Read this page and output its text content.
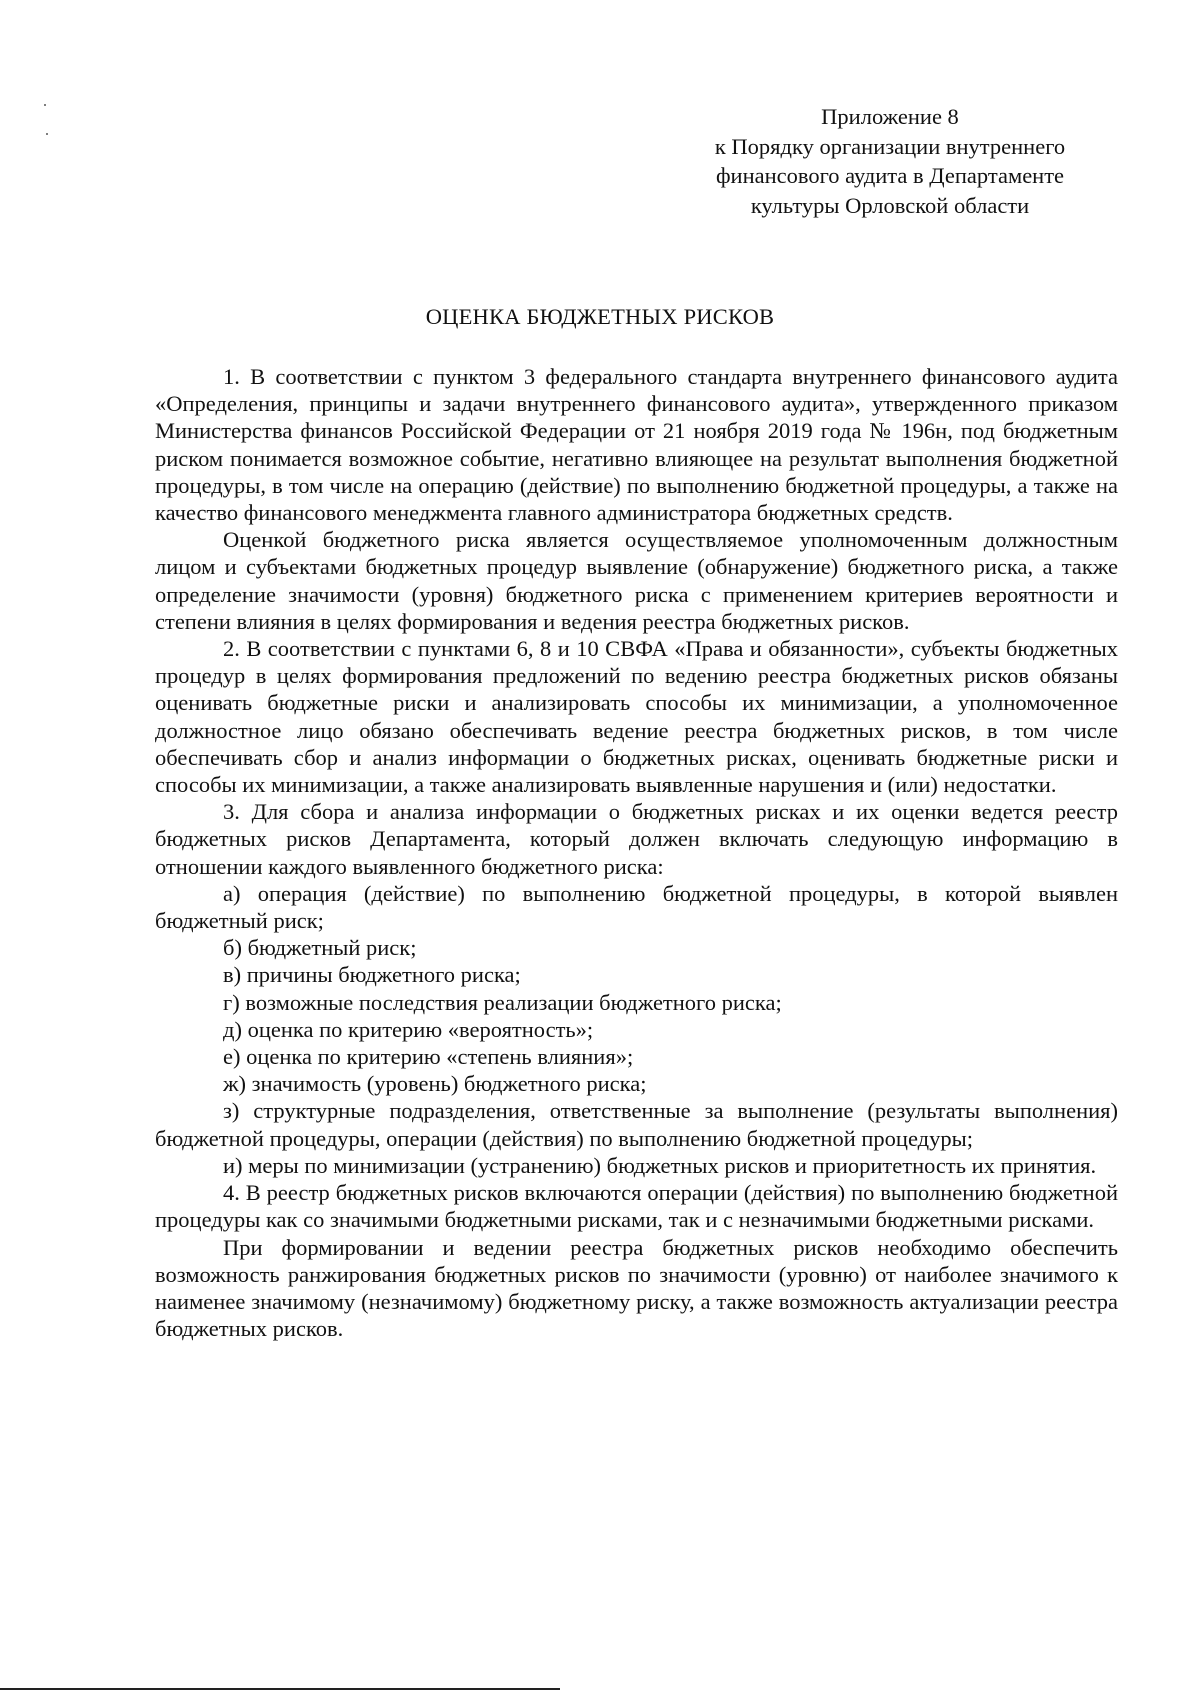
Приложение 8
к Порядку организации внутреннего
финансового аудита в Департаменте
культуры Орловской области
ОЦЕНКА БЮДЖЕТНЫХ РИСКОВ

1. В соответствии с пунктом 3 федерального стандарта внутреннего финансового аудита «Определения, принципы и задачи внутреннего финансового аудита», утвержденного приказом Министерства финансов Российской Федерации от 21 ноября 2019 года № 196н, под бюджетным риском понимается возможное событие, негативно влияющее на результат выполнения бюджетной процедуры, в том числе на операцию (действие) по выполнению бюджетной процедуры, а также на качество финансового менеджмента главного администратора бюджетных средств.

Оценкой бюджетного риска является осуществляемое уполномоченным должностным лицом и субъектами бюджетных процедур выявление (обнаружение) бюджетного риска, а также определение значимости (уровня) бюджетного риска с применением критериев вероятности и степени влияния в целях формирования и ведения реестра бюджетных рисков.

2. В соответствии с пунктами 6, 8 и 10 СВФА «Права и обязанности», субъекты бюджетных процедур в целях формирования предложений по ведению реестра бюджетных рисков обязаны оценивать бюджетные риски и анализировать способы их минимизации, а уполномоченное должностное лицо обязано обеспечивать ведение реестра бюджетных рисков, в том числе обеспечивать сбор и анализ информации о бюджетных рисках, оценивать бюджетные риски и способы их минимизации, а также анализировать выявленные нарушения и (или) недостатки.

3. Для сбора и анализа информации о бюджетных рисках и их оценки ведется реестр бюджетных рисков Департамента, который должен включать следующую информацию в отношении каждого выявленного бюджетного риска:

а) операция (действие) по выполнению бюджетной процедуры, в которой выявлен бюджетный риск;

б) бюджетный риск;

в) причины бюджетного риска;

г) возможные последствия реализации бюджетного риска;

д) оценка по критерию «вероятность»;

е) оценка по критерию «степень влияния»;

ж) значимость (уровень) бюджетного риска;

з) структурные подразделения, ответственные за выполнение (результаты выполнения) бюджетной процедуры, операции (действия) по выполнению бюджетной процедуры;

и) меры по минимизации (устранению) бюджетных рисков и приоритетность их принятия.

4. В реестр бюджетных рисков включаются операции (действия) по выполнению бюджетной процедуры как со значимыми бюджетными рисками, так и с незначимыми бюджетными рисками.

При формировании и ведении реестра бюджетных рисков необходимо обеспечить возможность ранжирования бюджетных рисков по значимости (уровню) от наиболее значимого к наименее значимому (незначимому) бюджетному риску, а также возможность актуализации реестра бюджетных рисков.
